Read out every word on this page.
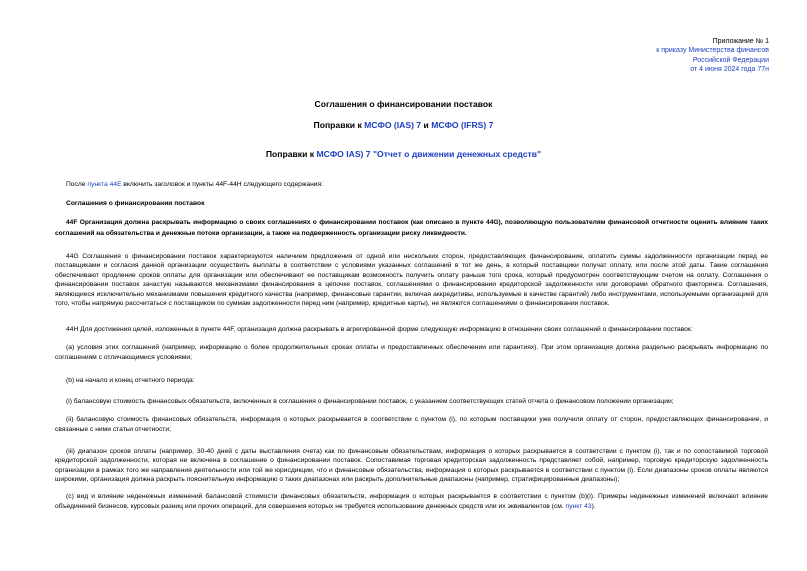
Приложание № 1
к приказу Министерства финансов
Российской Федерации
от 4 июня 2024 года 77н
Соглашения о финансировании поставок
Поправки к МСФО (IAS) 7 и МСФО (IFRS) 7
Поправки к МСФО IAS) 7 "Отчет о движении денежных средств"
После пункта 44E включить заголовок и пункты 44F-44H следующего содержания:
Соглашения о финансировании поставок
44F Организация должна раскрывать информацию о своих соглашениях о финансировании поставок (как описано в пункте 44G), позволяющую пользователям финансовой отчетности оценить влияние таких соглашений на обязательства и денежные потоки организации, а также на подверженность организации риску ликвидности.
44G Соглашения о финансировании поставок характеризуются наличием предложения от одной или нескольких сторон, предоставляющих финансирование, оплатить суммы задолженности организации перед ее поставщиками и согласия данной организации осуществить выплаты в соответствии с условиями указанных соглашений в тот же день, в который поставщики получат оплату, или после этой даты. Такие соглашения обеспечивают продление сроков оплаты для организации или обеспечивают ее поставщикам возможность получить оплату раньше того срока, который предусмотрен соответствующим счетом на оплату. Соглашения о финансировании поставок зачастую называются механизмами финансирования в цепочке поставок, соглашениями о финансировании кредиторской задолженности или договорами обратного факторинга. Соглашения, являющиеся исключительно механизмами повышения кредитного качества (например, финансовые гарантии, включая аккредитивы, используемые в качестве гарантий) либо инструментами, используемыми организацией для того, чтобы напрямую рассчитаться с поставщиком по суммам задолженности перед ним (например, кредитные карты), не являются соглашениями о финансировании поставок.
44H Для достижения целей, изложенных в пункте 44F, организация должна раскрывать в агрегированной форме следующую информацию в отношении своих соглашений о финансировании поставок:
(a) условия этих соглашений (например, информацию о более продолжительных сроках оплаты и предоставленных обеспечении или гарантиях). При этом организация должна раздельно раскрывать информацию по соглашениям с отличающимися условиями;
(b) на начало и конец отчетного периода:
(i) балансовую стоимость финансовых обязательств, включенных в соглашения о финансировании поставок, с указанием соответствующих статей отчета о финансовом положении организации;
(ii) балансовую стоимость финансовых обязательств, информация о которых раскрывается в соответствии с пунктом (i), по которым поставщики уже получили оплату от сторон, предоставляющих финансирование, и связанные с ними статьи отчетности;
(iii) диапазон сроков оплаты (например, 30-40 дней с даты выставления счета) как по финансовым обязательствам, информация о которых раскрывается в соответствии с пунктом (i), так и по сопоставимой торговой кредиторской задолженности, которая не включена в соглашение о финансировании поставок. Сопоставимая торговая кредиторская задолженность представляет собой, например, торговую кредиторскую задолженность организации в рамках того же направления деятельности или той же юрисдикции, что и финансовые обязательства, информация о которых раскрывается в соответствии с пунктом (i). Если диапазоны сроков оплаты являются широкими, организация должна раскрыть пояснительную информацию о таких диапазонах или раскрыть дополнительные диапазоны (например, стратифицированные диапазоны);
(c) вид и влияние неденежных изменений балансовой стоимости финансовых обязательств, информация о которых раскрывается в соответствии с пунктом (b)(i). Примеры неденежных изменений включают влияние объединений бизнесов, курсовых разниц или прочих операций, для совершения которых не требуется использование денежных средств или их эквивалентов (см. пункт 43).
